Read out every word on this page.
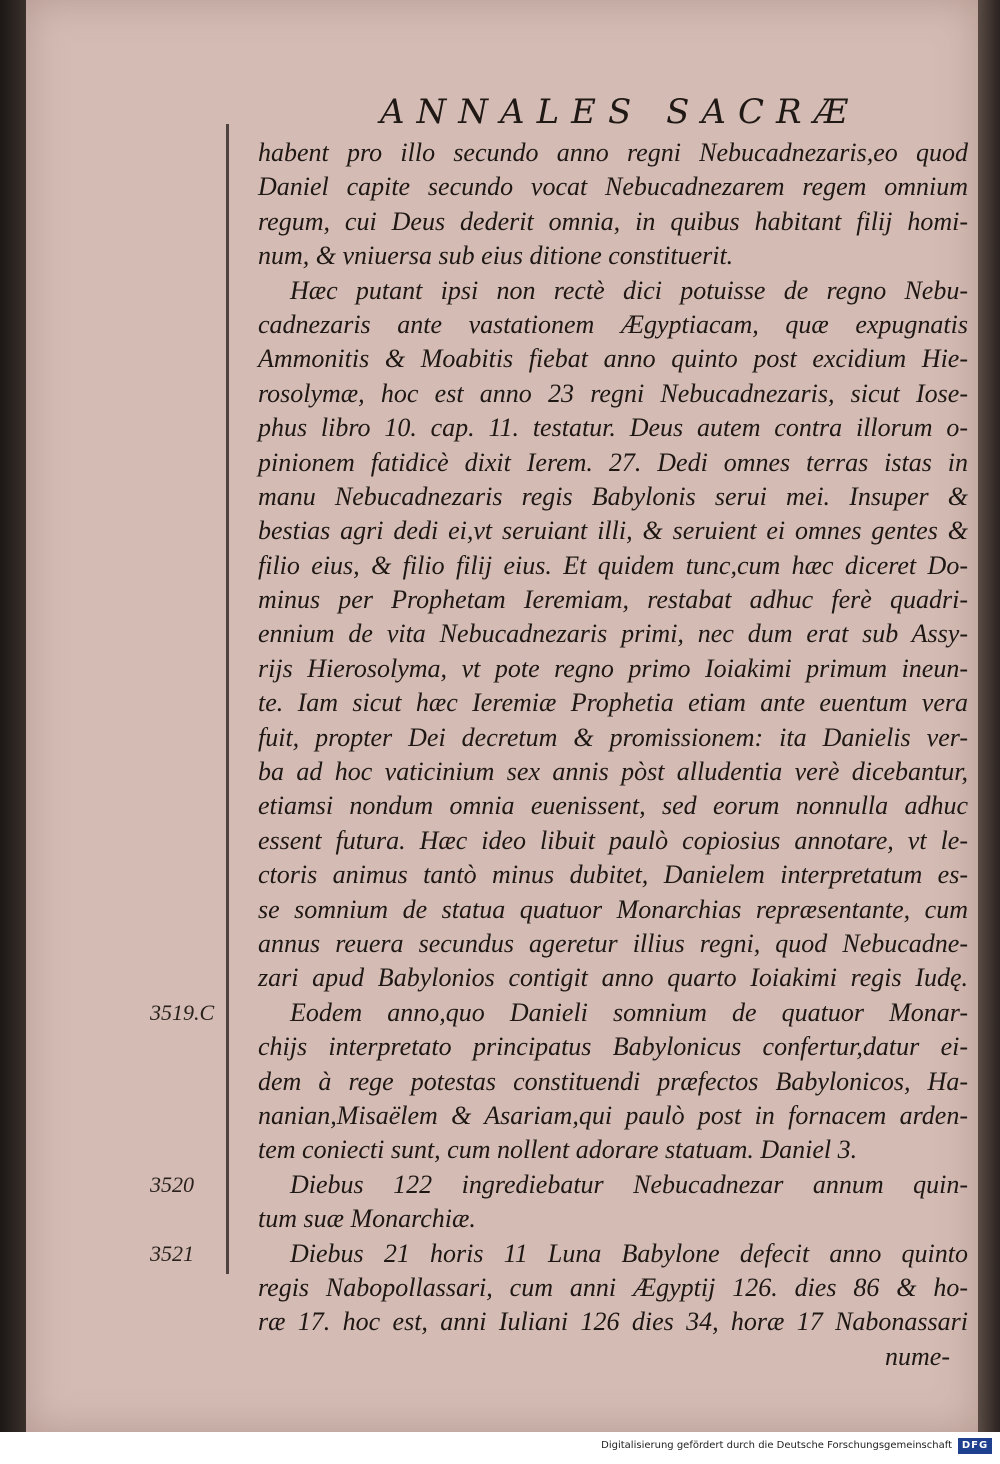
ANNALES SACRÆ
habent pro illo secundo anno regni Nebucadnezaris,eo quod
Daniel capite secundo vocat Nebucadnezarem regem omnium
regum, cui Deus dederit omnia, in quibus habitant filij homi-
num, & vniuersa sub eius ditione constituerit.
Hæc putant ipsi non rectè dici potuisse de regno Nebu-
cadnezaris ante vastationem Ægyptiacam, quæ expugnatis
Ammonitis & Moabitis fiebat anno quinto post excidium Hie-
rosolymæ, hoc est anno 23 regni Nebucadnezaris, sicut Iose-
phus libro 10. cap. 11. testatur. Deus autem contra illorum o-
pinionem fatidicè dixit Ierem. 27. Dedi omnes terras istas in
manu Nebucadnezaris regis Babylonis serui mei. Insuper &
bestias agri dedi ei,vt seruiant illi, & seruient ei omnes gentes &
filio eius, & filio filij eius. Et quidem tunc,cum hæc diceret Do-
minus per Prophetam Ieremiam, restabat adhuc ferè quadri-
ennium de vita Nebucadnezaris primi, nec dum erat sub Assy-
rijs Hierosolyma, vt pote regno primo Ioiakimi primum ineun-
te. Iam sicut hæc Ieremiæ Prophetia etiam ante euentum vera
fuit, propter Dei decretum & promissionem: ita Danielis ver-
ba ad hoc vaticinium sex annis pòst alludentia verè dicebantur,
etiamsi nondum omnia euenissent, sed eorum nonnulla adhuc
essent futura. Hæc ideo libuit paulò copiosius annotare, vt le-
ctoris animus tantò minus dubitet, Danielem interpretatum es-
se somnium de statua quatuor Monarchias repræsentante, cum
annus reuera secundus ageretur illius regni, quod Nebucadne-
zari apud Babylonios contigit anno quarto Ioiakimi regis Iudę.
Eodem anno,quo Danieli somnium de quatuor Monar-
chijs interpretato principatus Babylonicus confertur,datur ei-
dem à rege potestas constituendi præfectos Babylonicos, Ha-
nanian,Misaëlem & Asariam,qui paulò post in fornacem arden-
tem coniecti sunt, cum nollent adorare statuam. Daniel 3.
Diebus 122 ingrediebatur Nebucadnezar annum quin-
tum suæ Monarchiæ.
Diebus 21 horis 11 Luna Babylone defecit anno quinto
regis Nabopollassari, cum anni Ægyptij 126. dies 86 & ho-
ræ 17. hoc est, anni Iuliani 126 dies 34, horæ 17 Nabonassari
nume-
3519.C
3520
3521
Digitalisierung gefördert durch die Deutsche Forschungsgemeinschaft DFG
